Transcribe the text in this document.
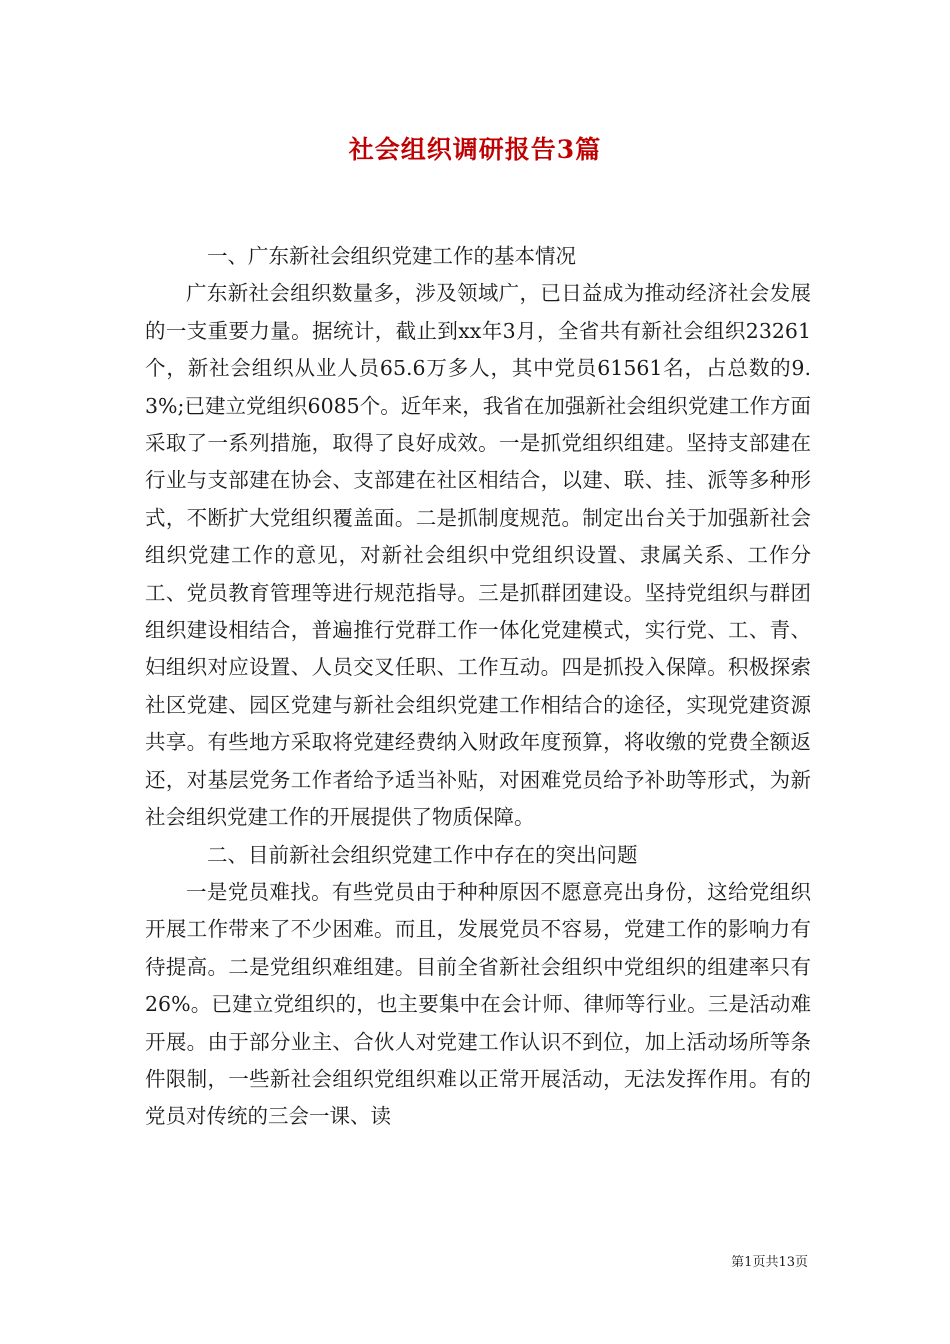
社会组织调研报告3篇

一、广东新社会组织党建工作的基本情况

广东新社会组织数量多，涉及领域广，已日益成为推动经济社会发展的一支重要力量。据统计，截止到xx年3月，全省共有新社会组织23261个，新社会组织从业人员65.6万多人，其中党员61561名，占总数的9.3%;已建立党组织6085个。近年来，我省在加强新社会组织党建工作方面采取了一系列措施，取得了良好成效。一是抓党组织组建。坚持支部建在行业与支部建在协会、支部建在社区相结合，以建、联、挂、派等多种形式，不断扩大党组织覆盖面。二是抓制度规范。制定出台关于加强新社会组织党建工作的意见，对新社会组织中党组织设置、隶属关系、工作分工、党员教育管理等进行规范指导。三是抓群团建设。坚持党组织与群团组织建设相结合，普遍推行党群工作一体化党建模式，实行党、工、青、妇组织对应设置、人员交叉任职、工作互动。四是抓投入保障。积极探索社区党建、园区党建与新社会组织党建工作相结合的途径，实现党建资源共享。有些地方采取将党建经费纳入财政年度预算，将收缴的党费全额返还，对基层党务工作者给予适当补贴，对困难党员给予补助等形式，为新社会组织党建工作的开展提供了物质保障。

二、目前新社会组织党建工作中存在的突出问题

一是党员难找。有些党员由于种种原因不愿意亮出身份，这给党组织开展工作带来了不少困难。而且，发展党员不容易，党建工作的影响力有待提高。二是党组织难组建。目前全省新社会组织中党组织的组建率只有26%。已建立党组织的，也主要集中在会计师、律师等行业。三是活动难开展。由于部分业主、合伙人对党建工作认识不到位，加上活动场所等条件限制，一些新社会组织党组织难以正常开展活动，无法发挥作用。有的党员对传统的三会一课、读

第1页共13页
